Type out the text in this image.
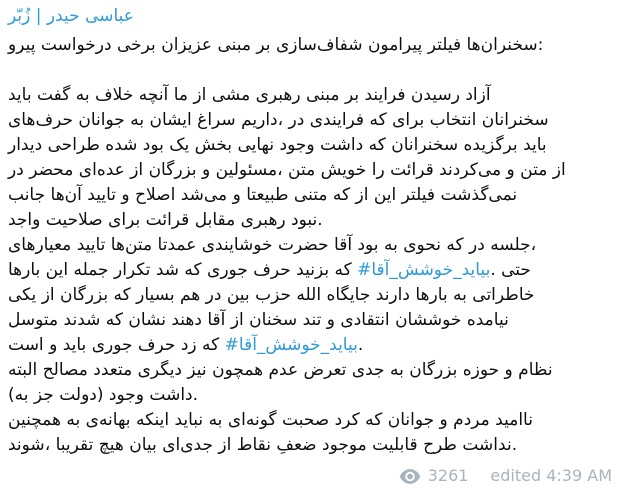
زُبّر | حیدر عباسی
پیرو درخواست برخی عزیزان مبنی بر شفاف‌سازی پیرامون فیلتر سخنران‌ها:
باید گفت به خلاف آنچه ما از مشی رهبری مبنی بر فرایند رسیدن آزاد
حرف‌های جوانان به ایشان سراغ داریم، در فرایندی که برای انتخاب سخنرانان
دیدار طراحی شده بود یک بخش نهایی وجود داشت که سخنرانان برگزیده باید
در محضر عده‌ای از بزرگان و مسئولین، متن خویش را قرائت می‌کردند و متن از
جانب آن‌ها تایید و اصلاح می‌شد و طبیعتا متنی که از این فیلتر نمی‌گذشت
واجد صلاحیت برای قرائت مقابل رهبری نبود.
معیارهای تایید متن‌ها عمدتا خوشایندی حضرت آقا بود به نحوی که در جلسه،
بارها این جمله تکرار شد که جوری حرف بزنید که #آقا_خوشش_بیاید. حتی
یکی از بزرگان که بسیار هم در بین حزب الله جایگاه دارند بارها به خاطراتی
متوسل شدند که نشان دهند آقا از سخنان تند و انتقادی خوششان نیامده
است و باید جوری حرف زد که #آقا_خوشش_بیاید.
البته مصالح متعدد دیگری نیز همچون عدم تعرض جدی به بزرگان حوزه و نظام
(به جز دولت) وجود داشت.
همچنین به بهانه‌ی اینکه نباید به گونه‌ای صحبت کرد که جوانان و مردم ناامید
شوند، تقریبا هیچ بیان جدی‌ای از نقاط ضعفِ موجود قابلیت طرح نداشت.
3261 edited 4:39 AM
